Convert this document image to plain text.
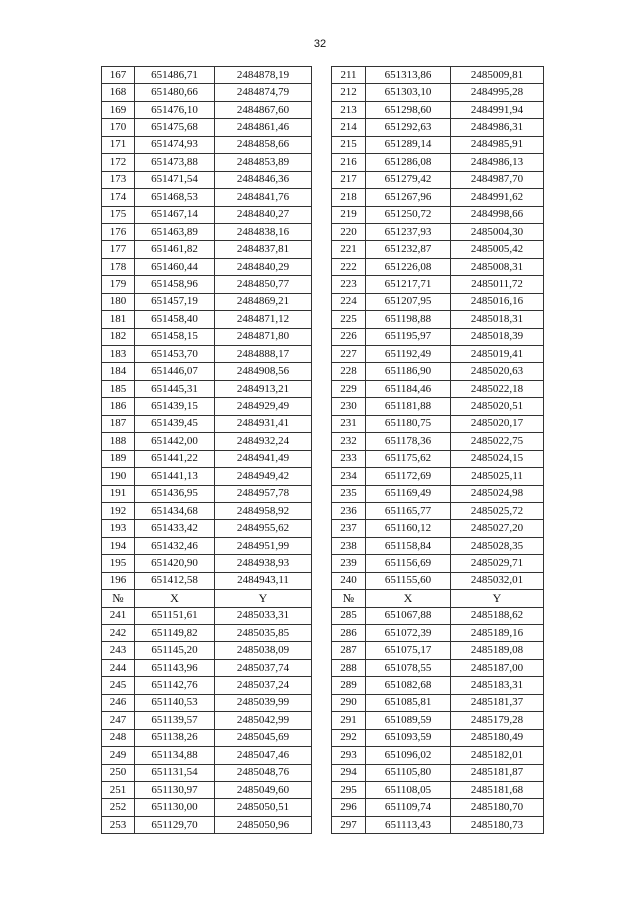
32
167	651486,71	2484878,19		211	651313,86	2485009,81
168	651480,66	2484874,79		212	651303,10	2484995,28
169	651476,10	2484867,60		213	651298,60	2484991,94
170	651475,68	2484861,46		214	651292,63	2484986,31
171	651474,93	2484858,66		215	651289,14	2484985,91
172	651473,88	2484853,89		216	651286,08	2484986,13
173	651471,54	2484846,36		217	651279,42	2484987,70
174	651468,53	2484841,76		218	651267,96	2484991,62
175	651467,14	2484840,27		219	651250,72	2484998,66
176	651463,89	2484838,16		220	651237,93	2485004,30
177	651461,82	2484837,81		221	651232,87	2485005,42
178	651460,44	2484840,29		222	651226,08	2485008,31
179	651458,96	2484850,77		223	651217,71	2485011,72
180	651457,19	2484869,21		224	651207,95	2485016,16
181	651458,40	2484871,12		225	651198,88	2485018,31
182	651458,15	2484871,80		226	651195,97	2485018,39
183	651453,70	2484888,17		227	651192,49	2485019,41
184	651446,07	2484908,56		228	651186,90	2485020,63
185	651445,31	2484913,21		229	651184,46	2485022,18
186	651439,15	2484929,49		230	651181,88	2485020,51
187	651439,45	2484931,41		231	651180,75	2485020,17
188	651442,00	2484932,24		232	651178,36	2485022,75
189	651441,22	2484941,49		233	651175,62	2485024,15
190	651441,13	2484949,42		234	651172,69	2485025,11
191	651436,95	2484957,78		235	651169,49	2485024,98
192	651434,68	2484958,92		236	651165,77	2485025,72
193	651433,42	2484955,62		237	651160,12	2485027,20
194	651432,46	2484951,99		238	651158,84	2485028,35
195	651420,90	2484938,93		239	651156,69	2485029,71
196	651412,58	2484943,11		240	651155,60	2485032,01
№	X	Y		№	X	Y
241	651151,61	2485033,31		285	651067,88	2485188,62
242	651149,82	2485035,85		286	651072,39	2485189,16
243	651145,20	2485038,09		287	651075,17	2485189,08
244	651143,96	2485037,74		288	651078,55	2485187,00
245	651142,76	2485037,24		289	651082,68	2485183,31
246	651140,53	2485039,99		290	651085,81	2485181,37
247	651139,57	2485042,99		291	651089,59	2485179,28
248	651138,26	2485045,69		292	651093,59	2485180,49
249	651134,88	2485047,46		293	651096,02	2485182,01
250	651131,54	2485048,76		294	651105,80	2485181,87
251	651130,97	2485049,60		295	651108,05	2485181,68
252	651130,00	2485050,51		296	651109,74	2485180,70
253	651129,70	2485050,96		297	651113,43	2485180,73
